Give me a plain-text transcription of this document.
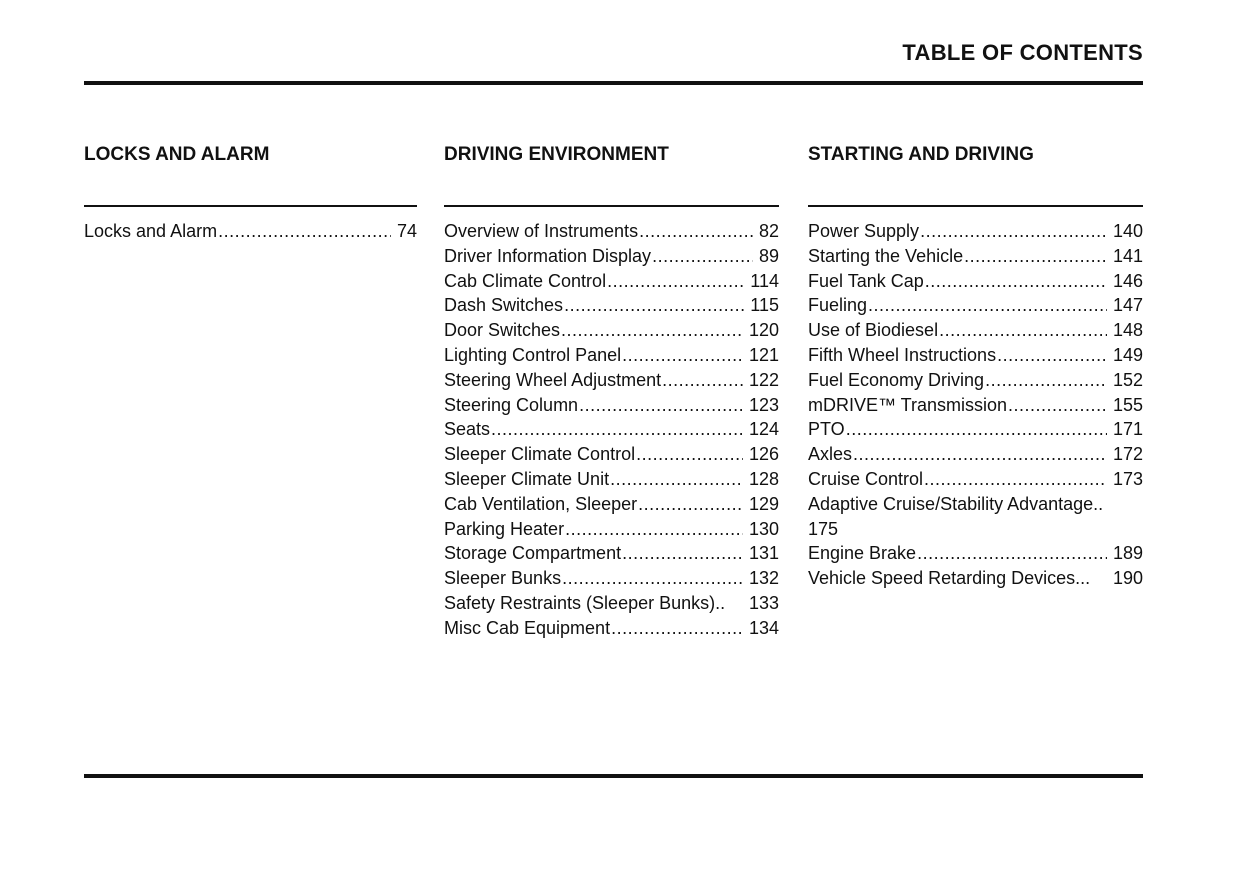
TABLE OF CONTENTS
LOCKS AND ALARM
Locks and Alarm .....	74
DRIVING ENVIRONMENT
Overview of Instruments .....	82
Driver Information Display .....	89
Cab Climate Control .....	114
Dash Switches .....	115
Door Switches .....	120
Lighting Control Panel .....	121
Steering Wheel Adjustment .....	122
Steering Column .....	123
Seats .....	124
Sleeper Climate Control .....	126
Sleeper Climate Unit .....	128
Cab Ventilation, Sleeper .....	129
Parking Heater .....	130
Storage Compartment .....	131
Sleeper Bunks .....	132
Safety Restraints (Sleeper Bunks).. 133
Misc Cab Equipment .....	134
STARTING AND DRIVING
Power Supply .....	140
Starting the Vehicle .....	141
Fuel Tank Cap .....	146
Fueling .....	147
Use of Biodiesel .....	148
Fifth Wheel Instructions .....	149
Fuel Economy Driving .....	152
mDRIVE™ Transmission .....	155
PTO .....	171
Axles .....	172
Cruise Control .....	173
Adaptive Cruise/Stability Advantage..
175
Engine Brake .....	189
Vehicle Speed Retarding Devices... 190
